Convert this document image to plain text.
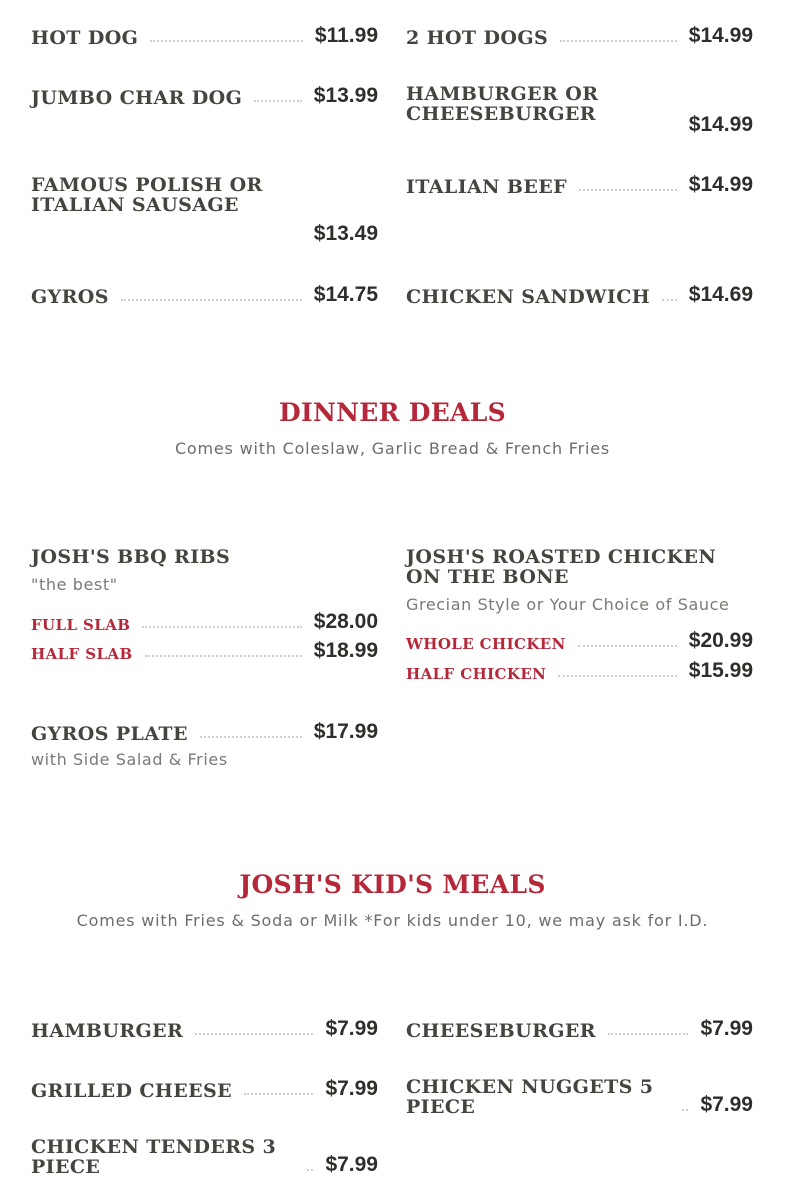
HOT DOG	$11.99 2 HOT DOGS	$14.99
JUMBO CHAR DOG	$13.99 HAMBURGER OR CHEESEBURGER	$14.99
FAMOUS POLISH OR ITALIAN SAUSAGE
$13.49
ITALIAN BEEF	$14.99
GYROS	$14.75 CHICKEN SANDWICH $14.69
DINNER DEALS
Comes with Coleslaw, Garlic Bread & French Fries
JOSH'S BBQ RIBS
"the best"
FULL SLAB	$28.00
HALF SLAB	$18.99
JOSH'S ROASTED CHICKEN ON THE BONE
Grecian Style or Your Choice of Sauce
WHOLE CHICKEN	$20.99
HALF CHICKEN	$15.99
GYROS PLATE	$17.99
with Side Salad & Fries
JOSH'S KID'S MEALS
Comes with Fries & Soda or Milk *For kids under 10, we may ask for I.D.
HAMBURGER	$7.99 CHEESEBURGER	$7.99
GRILLED CHEESE	$7.99 CHICKEN NUGGETS 5 PIECE	$7.99
CHICKEN TENDERS 3 PIECE	$7.99
